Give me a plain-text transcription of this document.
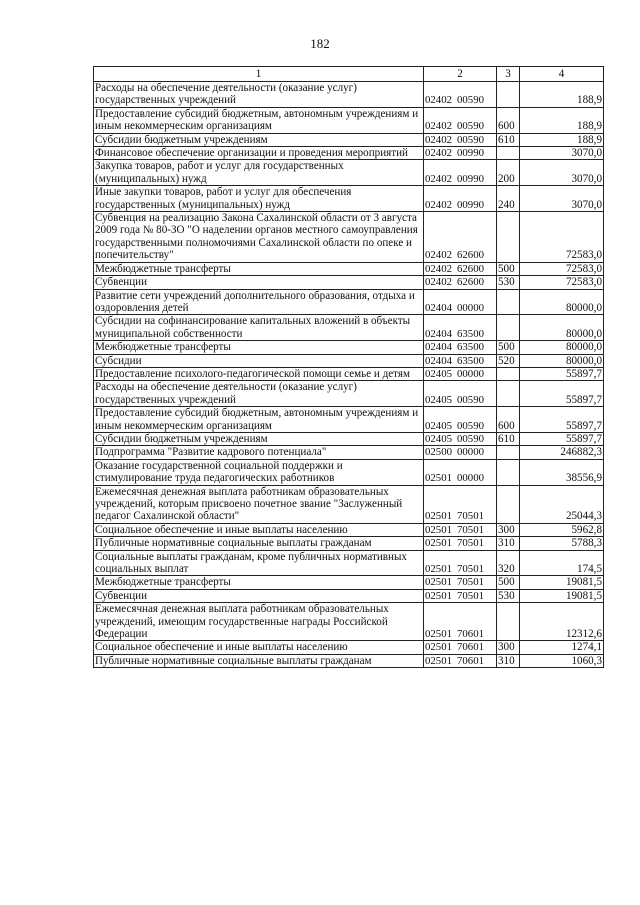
182
1	2	3	4
Расходы на обеспечение деятельности (оказание услуг) государственных учреждений	02402 00590		188,9
Предоставление субсидий бюджетным, автономным учреждениям и иным некоммерческим организациям	02402 00590	600	188,9
Субсидии бюджетным учреждениям	02402 00590	610	188,9
Финансовое обеспечение организации и проведения мероприятий	02402 00990		3070,0
Закупка товаров, работ и услуг для государственных (муниципальных) нужд	02402 00990	200	3070,0
Иные закупки товаров, работ и услуг для обеспечения государственных (муниципальных) нужд	02402 00990	240	3070,0
Субвенция на реализацию Закона Сахалинской области от 3 августа 2009 года № 80-ЗО "О наделении органов местного самоуправления государственными полномочиями Сахалинской области по опеке и попечительству"	02402 62600		72583,0
Межбюджетные трансферты	02402 62600	500	72583,0
Субвенции	02402 62600	530	72583,0
Развитие сети учреждений дополнительного образования, отдыха и оздоровления детей	02404 00000		80000,0
Субсидии на софинансирование капитальных вложений в объекты муниципальной собственности	02404 63500		80000,0
Межбюджетные трансферты	02404 63500	500	80000,0
Субсидии	02404 63500	520	80000,0
Предоставление психолого-педагогической помощи семье и детям	02405 00000		55897,7
Расходы на обеспечение деятельности (оказание услуг) государственных учреждений	02405 00590		55897,7
Предоставление субсидий бюджетным, автономным учреждениям и иным некоммерческим организациям	02405 00590	600	55897,7
Субсидии бюджетным учреждениям	02405 00590	610	55897,7
Подпрограмма "Развитие кадрового потенциала"	02500 00000		246882,3
Оказание государственной социальной поддержки и стимулирование труда педагогических работников	02501 00000		38556,9
Ежемесячная денежная выплата работникам образовательных учреждений, которым присвоено почетное звание "Заслуженный педагог Сахалинской области"	02501 70501		25044,3
Социальное обеспечение и иные выплаты населению	02501 70501	300	5962,8
Публичные нормативные социальные выплаты гражданам	02501 70501	310	5788,3
Социальные выплаты гражданам, кроме публичных нормативных социальных выплат	02501 70501	320	174,5
Межбюджетные трансферты	02501 70501	500	19081,5
Субвенции	02501 70501	530	19081,5
Ежемесячная денежная выплата работникам образовательных учреждений, имеющим государственные награды Российской Федерации	02501 70601		12312,6
Социальное обеспечение и иные выплаты населению	02501 70601	300	1274,1
Публичные нормативные социальные выплаты гражданам	02501 70601	310	1060,3
